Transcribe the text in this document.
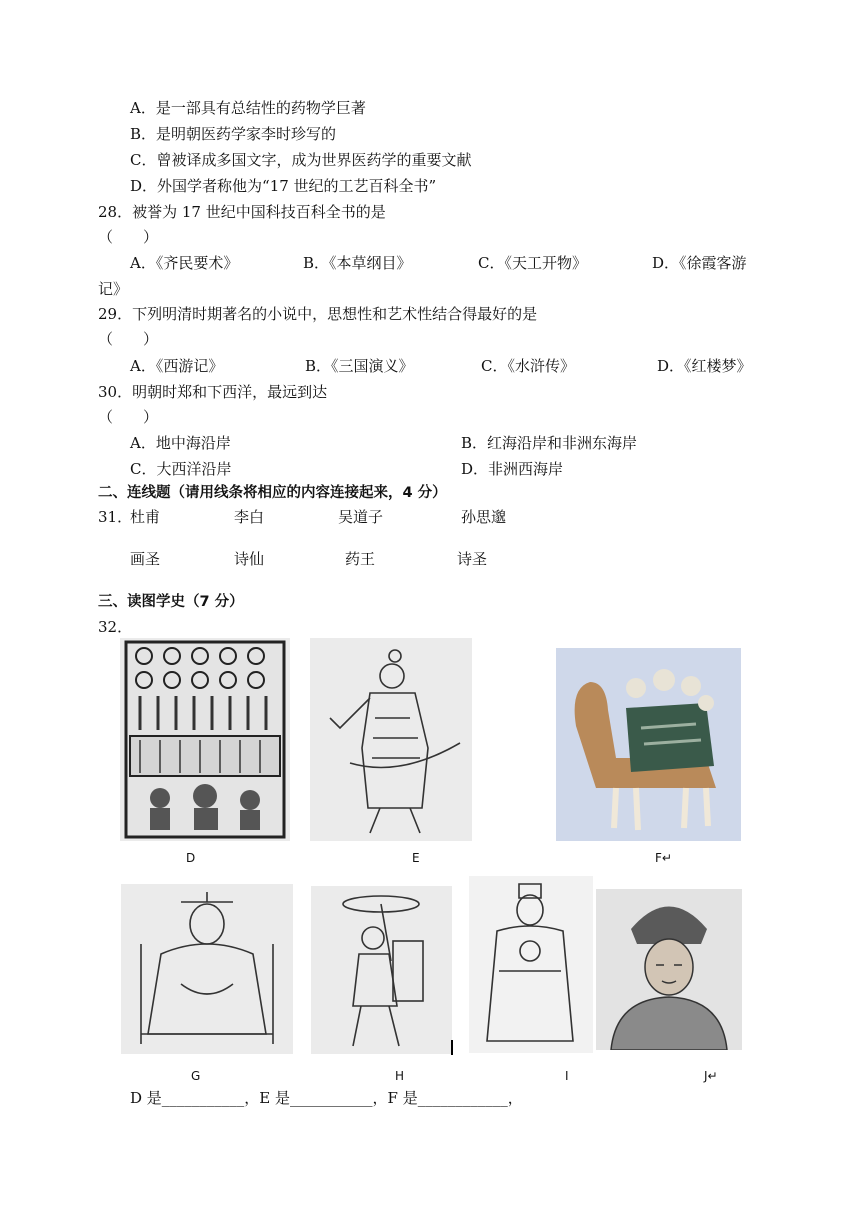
A．是一部具有总结性的药物学巨著
B．是明朝医药学家李时珍写的
C．曾被译成多国文字，成为世界医药学的重要文献
D．外国学者称他为“17 世纪的工艺百科全书”
28．被誉为 17 世纪中国科技百科全书的是
（　　）
A．《齐民要术》	B．《本草纲目》	C．《天工开物》	D．《徐霞客游
记》
29．下列明清时期著名的小说中，思想性和艺术性结合得最好的是
（　　）
A．《西游记》	B．《三国演义》	C．《水浒传》	D．《红楼梦》
30．明朝时郑和下西洋，最远到达
（　　）
A．地中海沿岸	B．红海沿岸和非洲东海岸
C．大西洋沿岸	D．非洲西海岸
二、连线题（请用线条将相应的内容连接起来，4 分）
31．
杜甫	李白	吴道子	孙思邈
画圣	诗仙	药王	诗圣
三、读图学史（7 分）
32．
D	E	F↵
G	H	I	J↵
D 是___________，E 是___________，F 是____________，
